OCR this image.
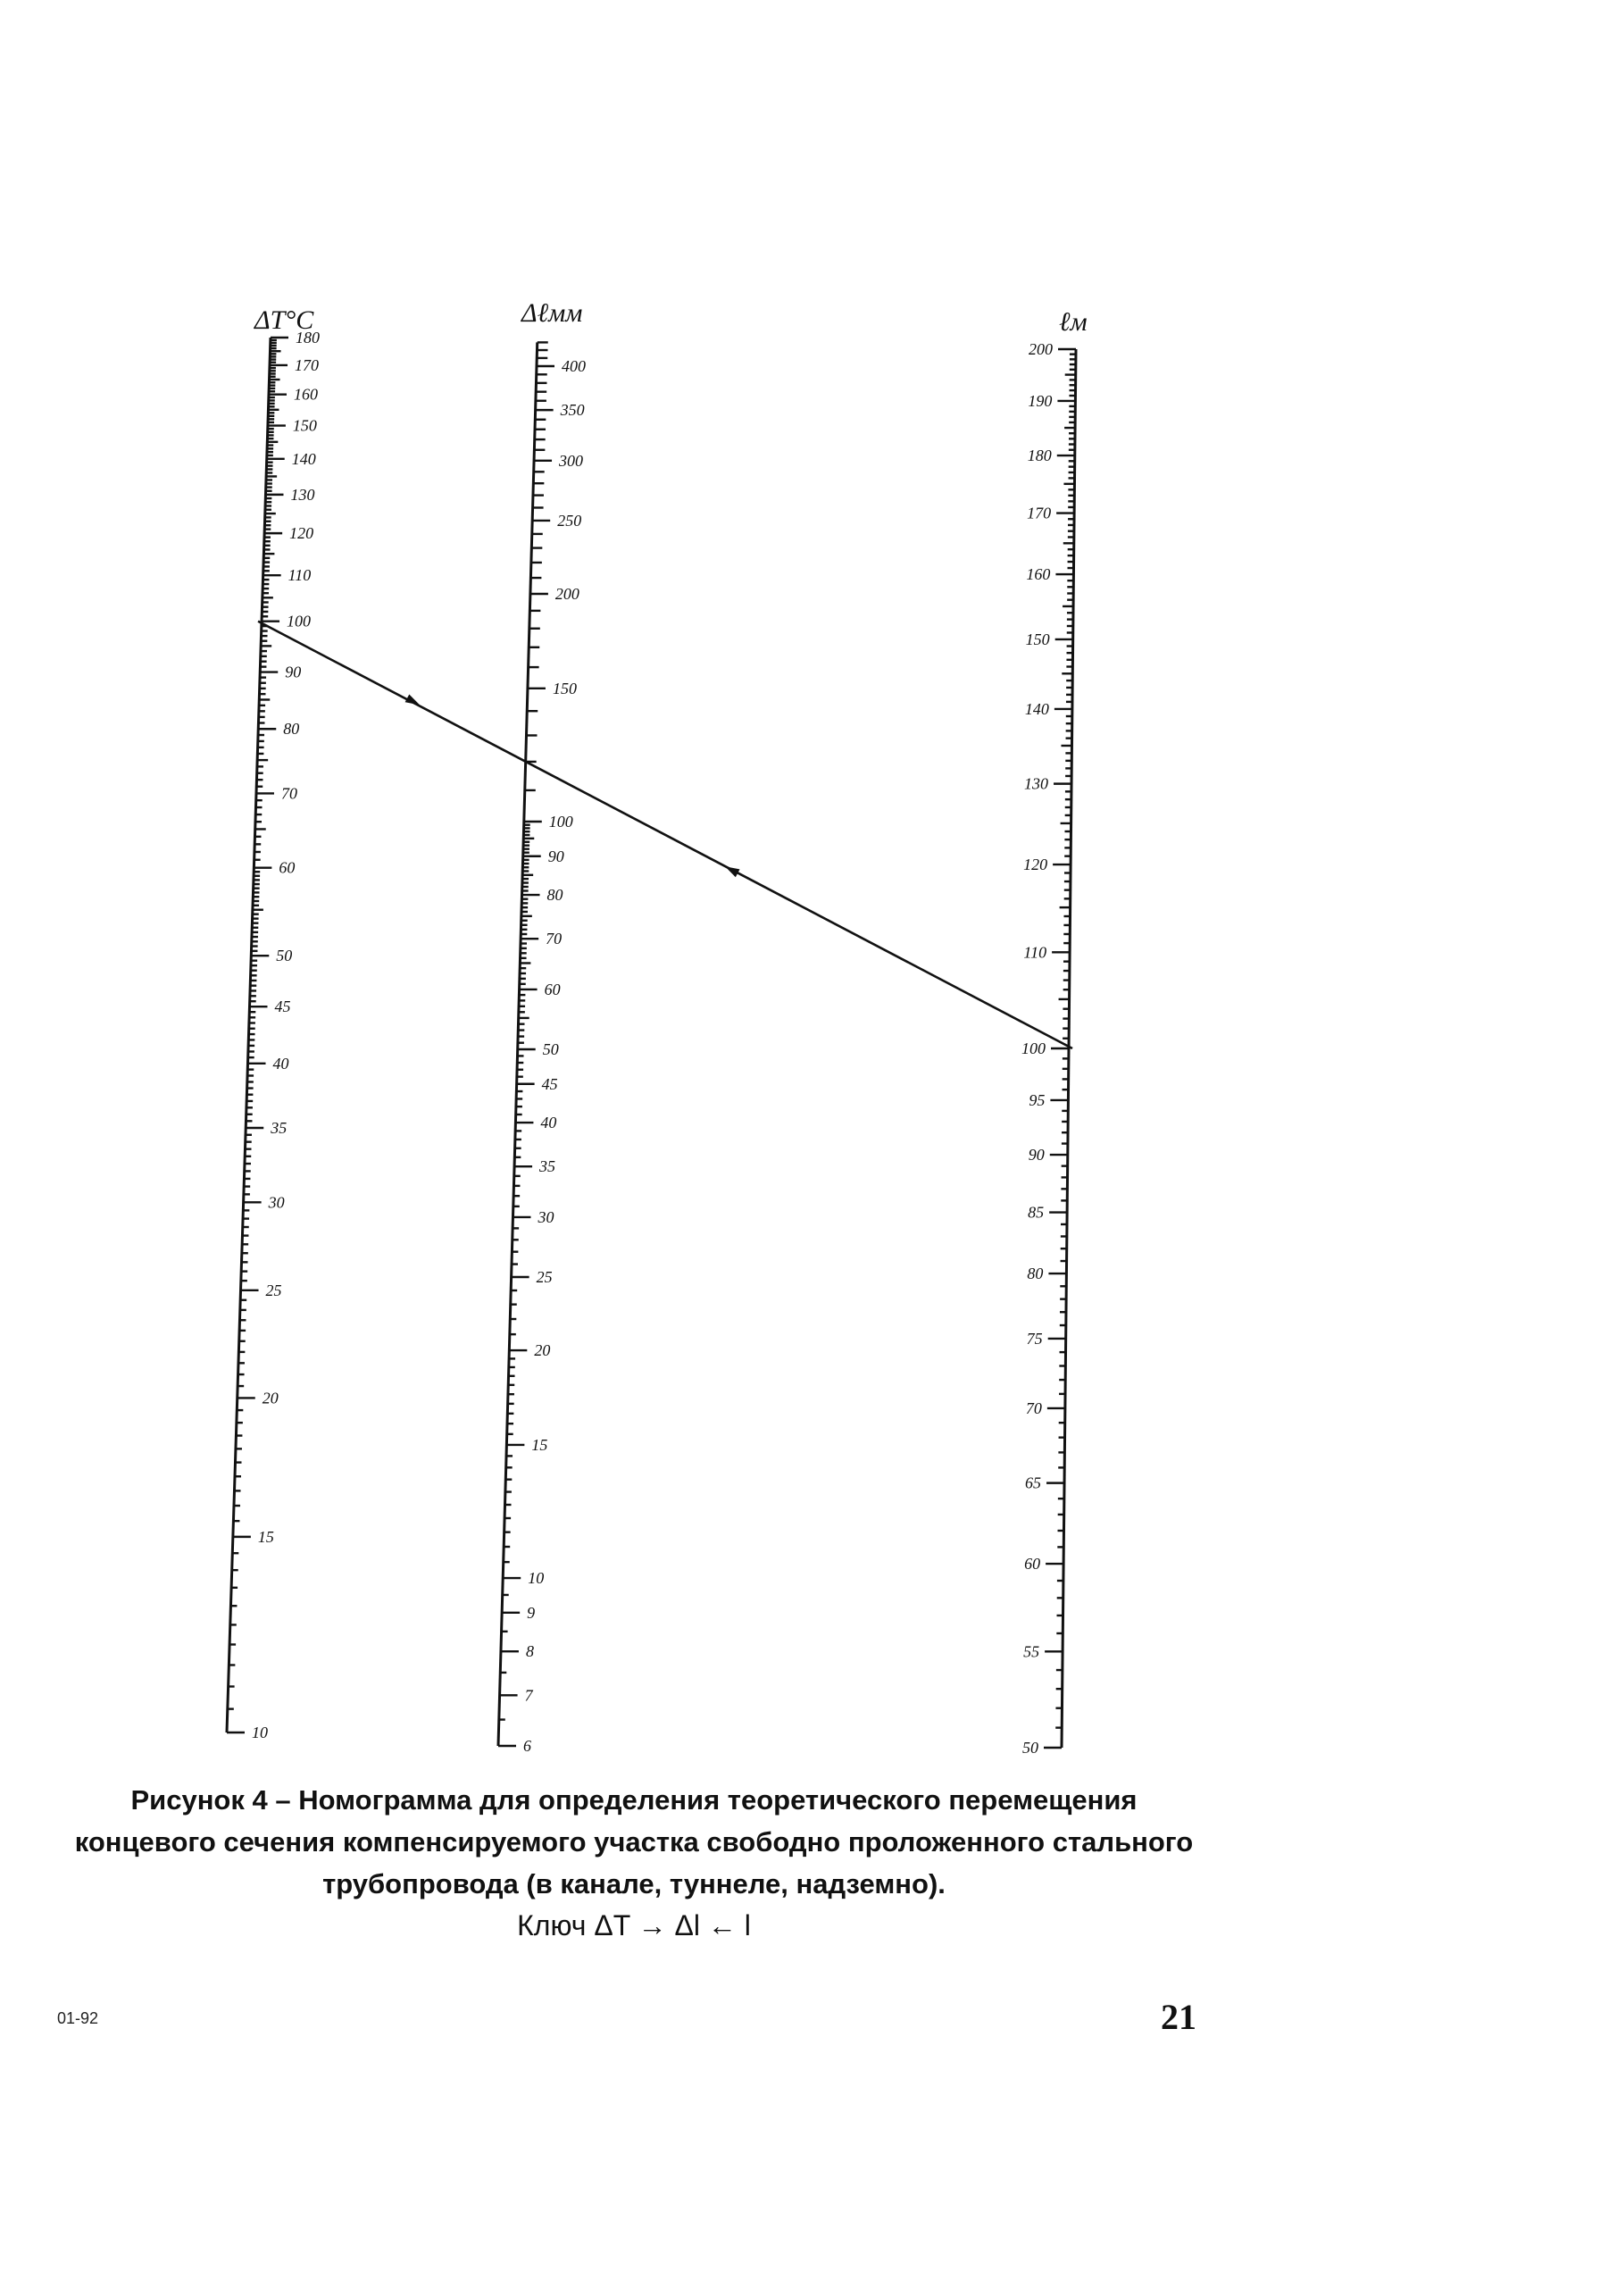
180
170
160
150
140
130
120
110
100
90
80
70
60
50
45
40
35
30
25
20
15
10
ΔT°C
400
350
300
250
200
150
100
90
80
70
60
50
45
40
35
30
25
20
15
10
9
8
7
6
Δℓмм
200
190
180
170
160
150
140
130
120
110
100
95
90
85
80
75
70
65
60
55
50
ℓм
Рисунок 4 – Номограмма для определения теоретического перемещения
концевого сечения компенсируемого участка свободно проложенного стального
трубопровода (в канале, туннеле, надземно).
Ключ ΔT → Δl ← l
01-92	21
